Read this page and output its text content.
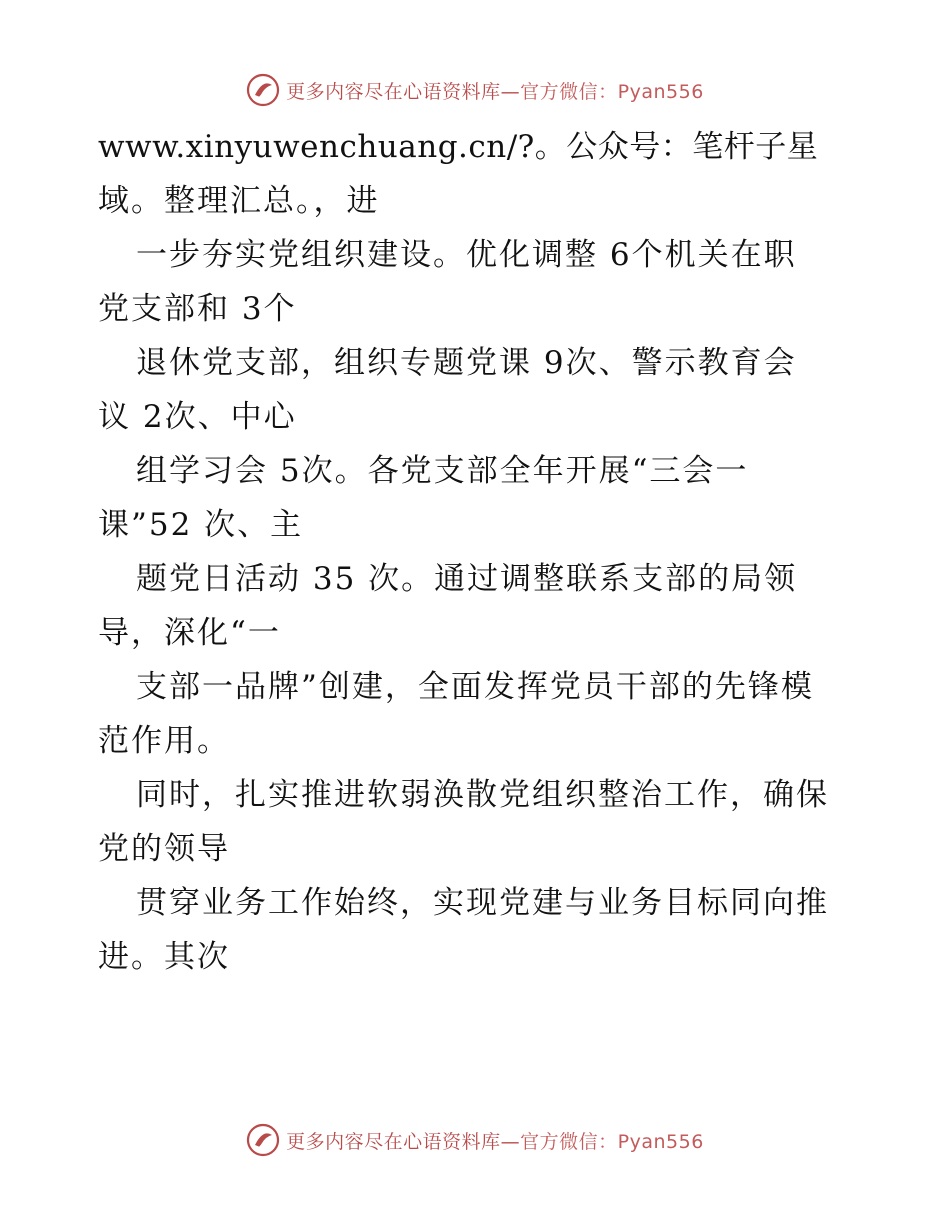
更多内容尽在心语资料库—官方微信：Pyan556
www.xinyuwenchuang.cn/?。公众号：笔杆子星
域。整理汇总。，进
一步夯实党组织建设。优化调整 6个机关在职
党支部和 3个
退休党支部，组织专题党课 9次、警示教育会
议 2次、中心
组学习会 5次。各党支部全年开展“三会一
课”52 次、主
题党日活动 35 次。通过调整联系支部的局领
导，深化“一
支部一品牌”创建，全面发挥党员干部的先锋模
范作用。
同时，扎实推进软弱涣散党组织整治工作，确保
党的领导
贯穿业务工作始终，实现党建与业务目标同向推
进。其次
更多内容尽在心语资料库—官方微信：Pyan556
